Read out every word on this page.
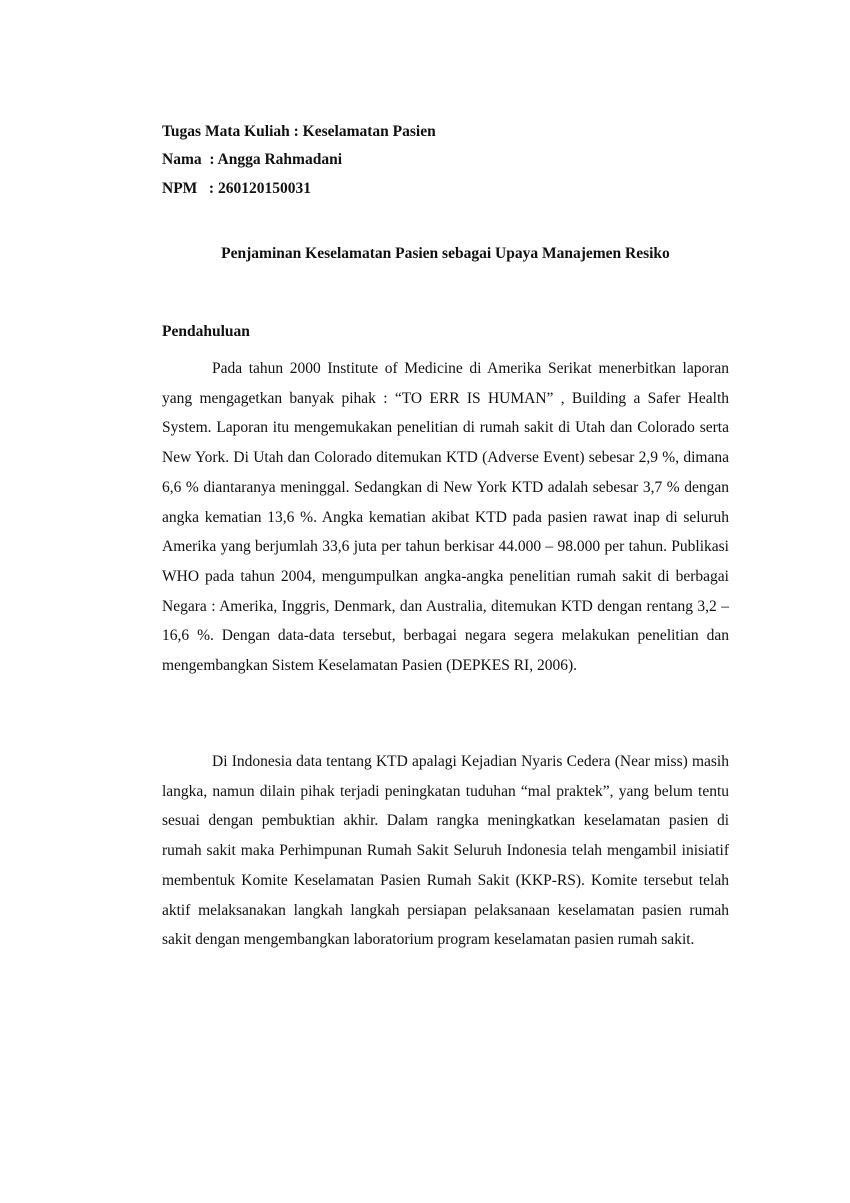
Tugas Mata Kuliah : Keselamatan Pasien
Nama  : Angga Rahmadani
NPM   : 260120150031
Penjaminan Keselamatan Pasien sebagai Upaya Manajemen Resiko
Pendahuluan

Pada tahun 2000 Institute of Medicine di Amerika Serikat menerbitkan laporan yang mengagetkan banyak pihak : “TO ERR IS HUMAN” , Building a Safer Health System. Laporan itu mengemukakan penelitian di rumah sakit di Utah dan Colorado serta New York. Di Utah dan Colorado ditemukan KTD (Adverse Event) sebesar 2,9 %, dimana 6,6 % diantaranya meninggal. Sedangkan di New York KTD adalah sebesar 3,7 % dengan angka kematian 13,6 %. Angka kematian akibat KTD pada pasien rawat inap di seluruh Amerika yang berjumlah 33,6 juta per tahun berkisar 44.000 – 98.000 per tahun. Publikasi WHO pada tahun 2004, mengumpulkan angka-angka penelitian rumah sakit di berbagai Negara : Amerika, Inggris, Denmark, dan Australia, ditemukan KTD dengan rentang 3,2 – 16,6 %. Dengan data-data tersebut, berbagai negara segera melakukan penelitian dan mengembangkan Sistem Keselamatan Pasien (DEPKES RI, 2006).

Di Indonesia data tentang KTD apalagi Kejadian Nyaris Cedera (Near miss) masih langka, namun dilain pihak terjadi peningkatan tuduhan “mal praktek”, yang belum tentu sesuai dengan pembuktian akhir. Dalam rangka meningkatkan keselamatan pasien di rumah sakit maka Perhimpunan Rumah Sakit Seluruh Indonesia telah mengambil inisiatif membentuk Komite Keselamatan Pasien Rumah Sakit (KKP-RS). Komite tersebut telah aktif melaksanakan langkah langkah persiapan pelaksanaan keselamatan pasien rumah sakit dengan mengembangkan laboratorium program keselamatan pasien rumah sakit.
